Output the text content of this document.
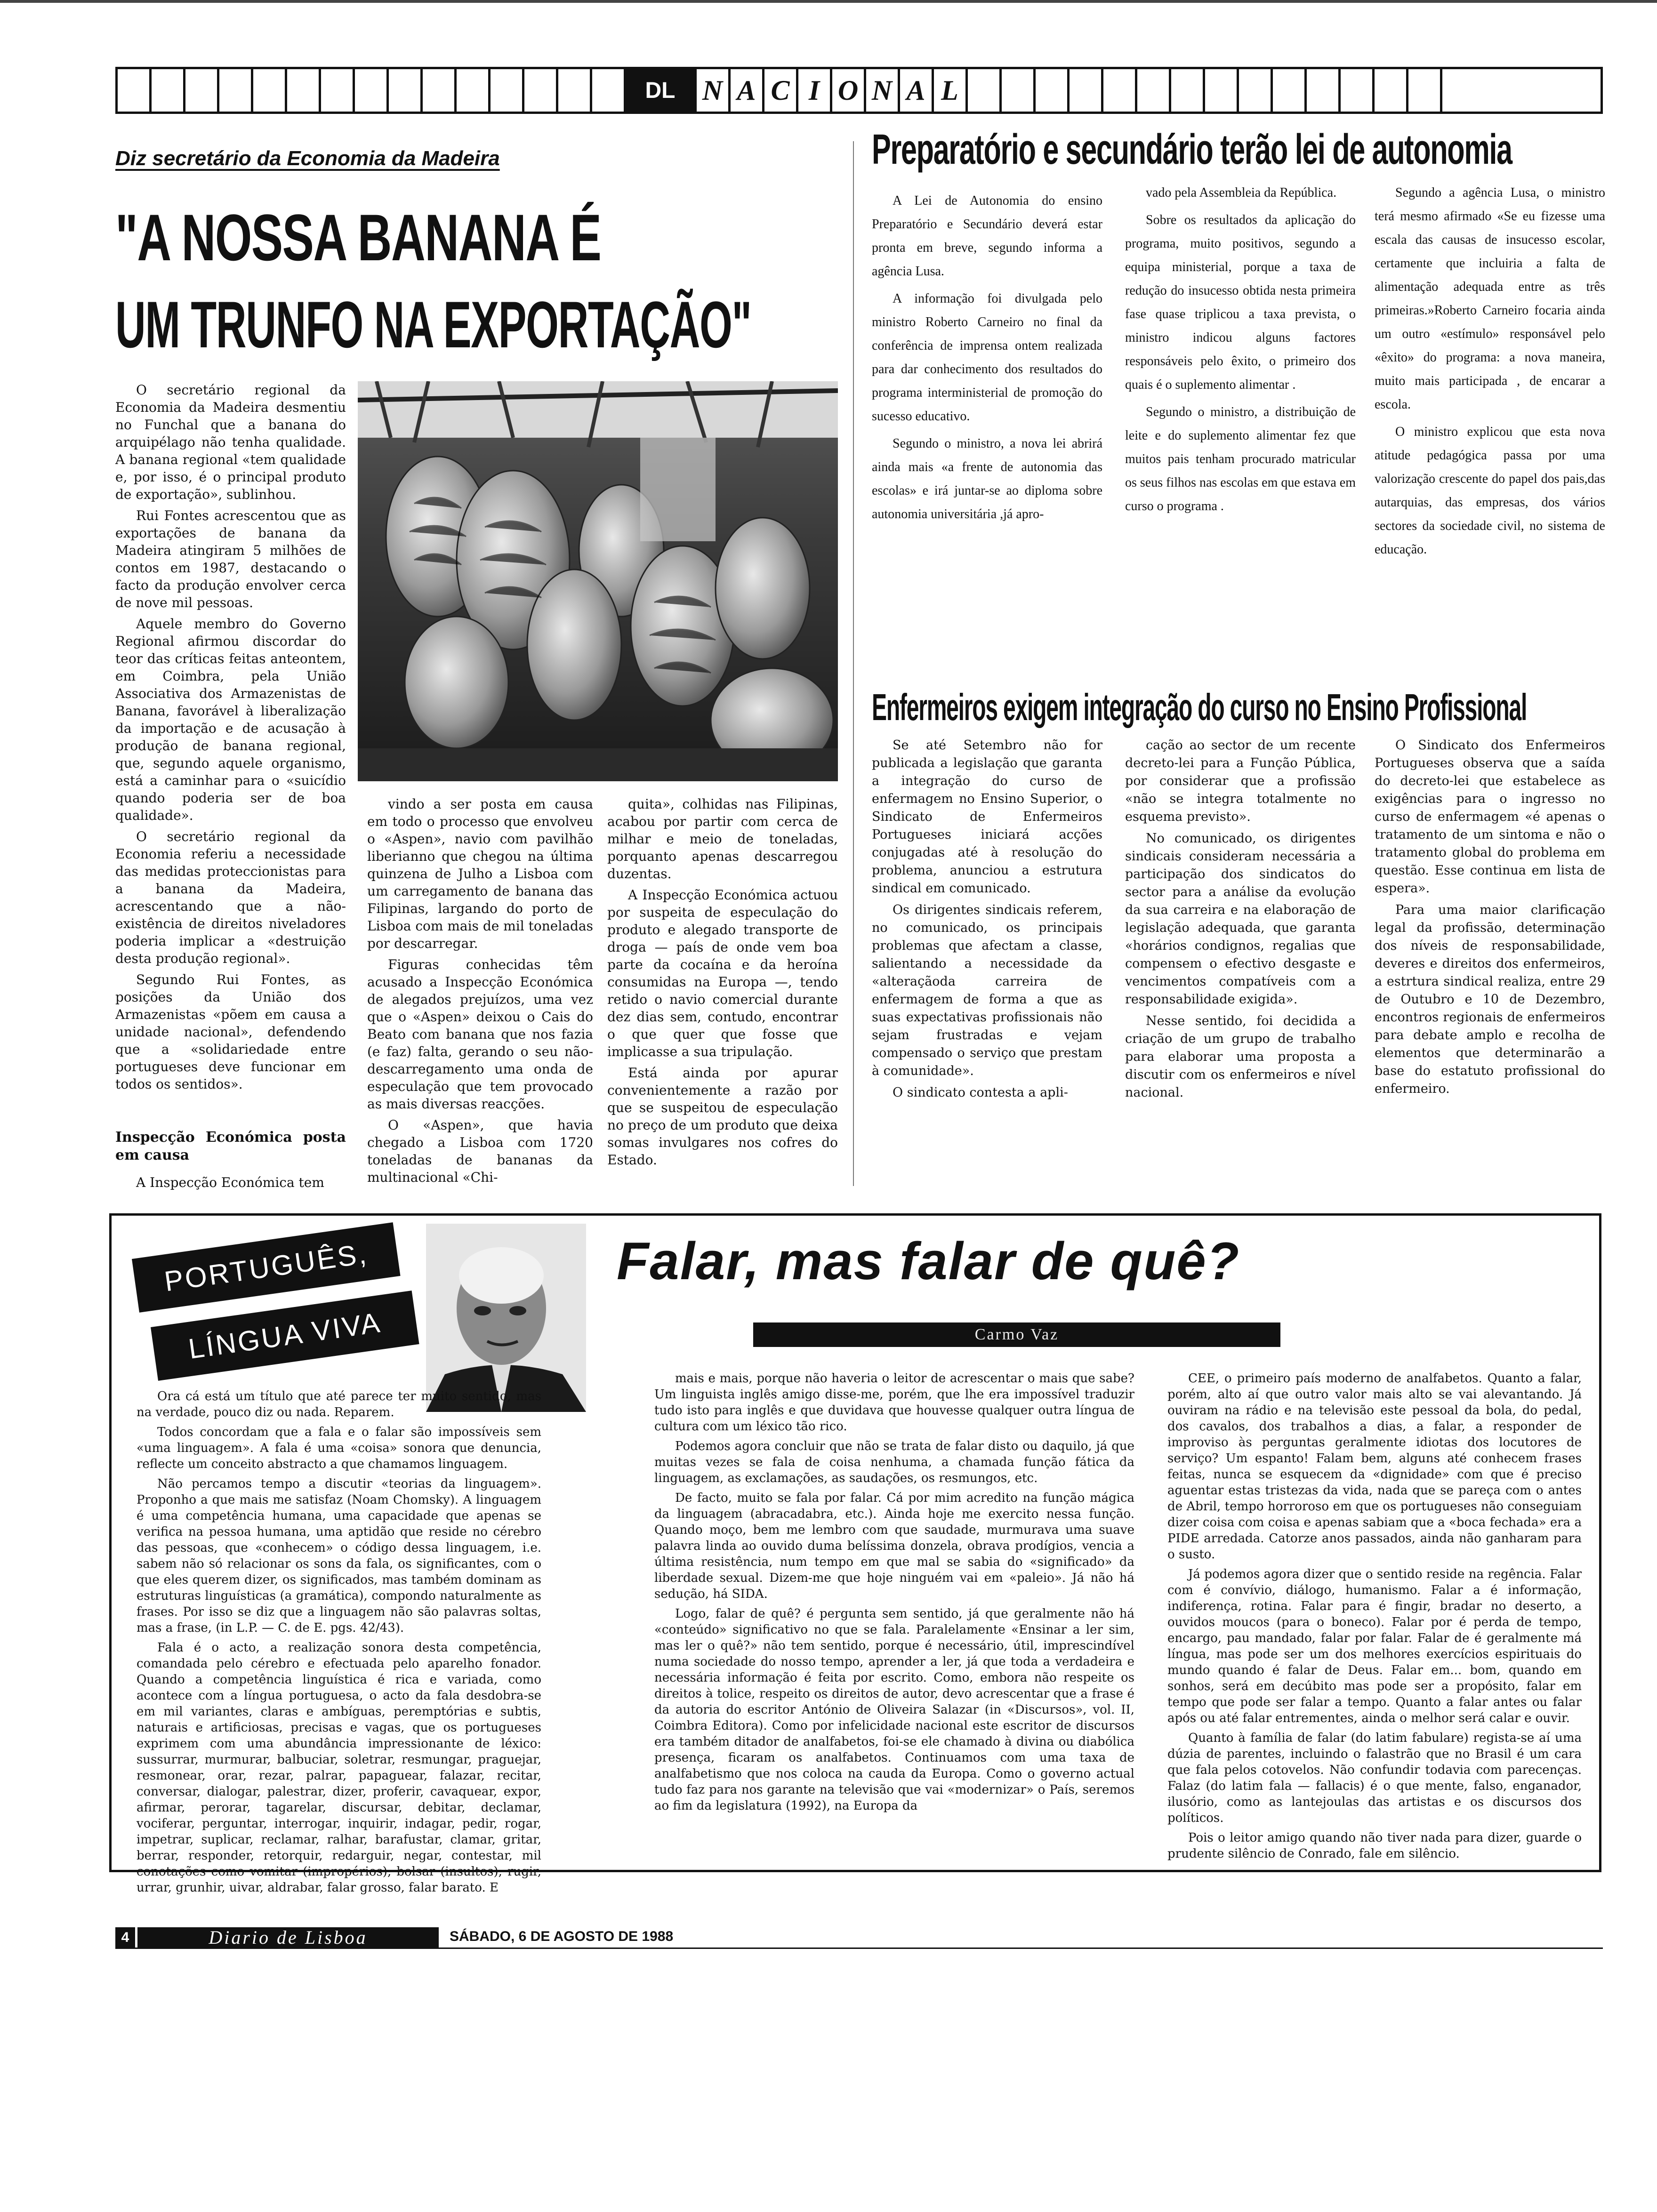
DL N A C I O N A L
Diz secretário da Economia da Madeira
"A NOSSA BANANA É
UM TRUNFO NA EXPORTAÇÃO"

O secretário regional da Economia da Madeira desmentiu no Funchal que a banana do arquipélago não tenha qualidade. A banana regional «tem qualidade e, por isso, é o principal produto de exportação», sublinhou.

Rui Fontes acrescentou que as exportações de banana da Madeira atingiram 5 milhões de contos em 1987, destacando o facto da produção envolver cerca de nove mil pessoas.

Aquele membro do Governo Regional afirmou discordar do teor das críticas feitas anteontem, em Coimbra, pela União Associativa dos Armazenistas de Banana, favorável à liberalização da importação e de acusação à produção de banana regional, que, segundo aquele organismo, está a caminhar para o «suicídio quando poderia ser de boa qualidade».

O secretário regional da Economia referiu a necessidade das medidas proteccionistas para a banana da Madeira, acrescentando que a não-existência de direitos niveladores poderia implicar a «destruição desta produção regional».

Segundo Rui Fontes, as posições da União dos Armazenistas «põem em causa a unidade nacional», defendendo que a «solidariedade entre portugueses deve funcionar em todos os sentidos».

Inspecção Económica posta em causa

A Inspecção Económica tem

vindo a ser posta em causa em todo o processo que envolveu o «Aspen», navio com pavilhão liberianno que chegou na última quinzena de Julho a Lisboa com um carregamento de banana das Filipinas, largando do porto de Lisboa com mais de mil toneladas por descarregar.

Figuras conhecidas têm acusado a Inspecção Económica de alegados prejuízos, uma vez que o «Aspen» deixou o Cais do Beato com banana que nos fazia (e faz) falta, gerando o seu não-descarregamento uma onda de especulação que tem provocado as mais diversas reacções.

O «Aspen», que havia chegado a Lisboa com 1720 toneladas de bananas da multinacional «Chi-

quita», colhidas nas Filipinas, acabou por partir com cerca de milhar e meio de toneladas, porquanto apenas descarregou duzentas.

A Inspecção Económica actuou por suspeita de especulação do produto e alegado transporte de droga — país de onde vem boa parte da cocaína e da heroína consumidas na Europa —, tendo retido o navio comercial durante dez dias sem, contudo, encontrar o que quer que fosse que implicasse a sua tripulação.

Está ainda por apurar convenientemente a razão por que se suspeitou de especulação no preço de um produto que deixa somas invulgares nos cofres do Estado.

Preparatório e secundário terão lei de autonomia

A Lei de Autonomia do ensino Preparatório e Secundário deverá estar pronta em breve, segundo informa a agência Lusa.

A informação foi divulgada pelo ministro Roberto Carneiro no final da conferência de imprensa ontem realizada para dar conhecimento dos resultados do programa interministerial de promoção do sucesso educativo.

Segundo o ministro, a nova lei abrirá ainda mais «a frente de autonomia das escolas» e irá juntar-se ao diploma sobre autonomia universitária ,já apro-

vado pela Assembleia da República.

Sobre os resultados da aplicação do programa, muito positivos, segundo a equipa ministerial, porque a taxa de redução do insucesso obtida nesta primeira fase quase triplicou a taxa prevista, o ministro indicou alguns factores responsáveis pelo êxito, o primeiro dos quais é o suplemento alimentar .

Segundo o ministro, a distribuição de leite e do suplemento alimentar fez que muitos pais tenham procurado matricular os seus filhos nas escolas em que estava em curso o programa .

Segundo a agência Lusa, o ministro terá mesmo afirmado «Se eu fizesse uma escala das causas de insucesso escolar, certamente que incluiria a falta de alimentação adequada entre as três primeiras.»Roberto Carneiro focaria ainda um outro «estímulo» responsável pelo «êxito» do programa: a nova maneira, muito mais participada , de encarar a escola.

O ministro explicou que esta nova atitude pedagógica passa por uma valorização crescente do papel dos pais,das autarquias, das empresas, dos vários sectores da sociedade civil, no sistema de educação.

Enfermeiros exigem integração do curso no Ensino Profissional

Se até Setembro não for publicada a legislação que garanta a integração do curso de enfermagem no Ensino Superior, o Sindicato de Enfermeiros Portugueses iniciará acções conjugadas até à resolução do problema, anunciou a estrutura sindical em comunicado.

Os dirigentes sindicais referem, no comunicado, os principais problemas que afectam a classe, salientando a necessidade da «alteraçãoda carreira de enfermagem de forma a que as suas expectativas profissionais não sejam frustradas e vejam compensado o serviço que prestam à comunidade».

O sindicato contesta a apli-

cação ao sector de um recente decreto-lei para a Função Pública, por considerar que a profissão «não se integra totalmente no esquema previsto».

No comunicado, os dirigentes sindicais consideram necessária a participação dos sindicatos do sector para a análise da evolução da sua carreira e na elaboração de legislação adequada, que garanta «horários condignos, regalias que compensem o efectivo desgaste e vencimentos compatíveis com a responsabilidade exigida».

Nesse sentido, foi decidida a criação de um grupo de trabalho para elaborar uma proposta a discutir com os enfermeiros e nível nacional.

O Sindicato dos Enfermeiros Portugueses observa que a saída do decreto-lei que estabelece as exigências para o ingresso no curso de enfermagem «é apenas o tratamento de um sintoma e não o tratamento global do problema em questão. Esse continua em lista de espera».

Para uma maior clarificação legal da profissão, determinação dos níveis de responsabilidade, deveres e direitos dos enfermeiros, a estrtura sindical realiza, entre 29 de Outubro e 10 de Dezembro, encontros regionais de enfermeiros para debate amplo e recolha de elementos que determinarão a base do estatuto profissional do enfermeiro.

PORTUGUÊS,
LÍNGUA VIVA
Falar, mas falar de quê?
Carmo Vaz

Ora cá está um título que até parece ter muito sentido, mas na verdade, pouco diz ou nada. Reparem.

Todos concordam que a fala e o falar são impossíveis sem «uma linguagem». A fala é uma «coisa» sonora que denuncia, reflecte um conceito abstracto a que chamamos linguagem.

Não percamos tempo a discutir «teorias da linguagem». Proponho a que mais me satisfaz (Noam Chomsky). A linguagem é uma competência humana, uma capacidade que apenas se verifica na pessoa humana, uma aptidão que reside no cérebro das pessoas, que «conhecem» o código dessa linguagem, i.e. sabem não só relacionar os sons da fala, os significantes, com o que eles querem dizer, os significados, mas também dominam as estruturas linguísticas (a gramática), compondo naturalmente as frases. Por isso se diz que a linguagem não são palavras soltas, mas a frase, (in L.P. — C. de E. pgs. 42/43).

Fala é o acto, a realização sonora desta competência, comandada pelo cérebro e efectuada pelo aparelho fonador. Quando a competência linguística é rica e variada, como acontece com a língua portuguesa, o acto da fala desdobra-se em mil variantes, claras e ambíguas, peremptórias e subtis, naturais e artificiosas, precisas e vagas, que os portugueses exprimem com uma abundância impressionante de léxico: sussurrar, murmurar, balbuciar, soletrar, resmungar, praguejar, resmonear, orar, rezar, palrar, papaguear, falazar, recitar, conversar, dialogar, palestrar, dizer, proferir, cavaquear, expor, afirmar, perorar, tagarelar, discursar, debitar, declamar, vociferar, perguntar, interrogar, inquirir, indagar, pedir, rogar, impetrar, suplicar, reclamar, ralhar, barafustar, clamar, gritar, berrar, responder, retorquir, redarguir, negar, contestar, mil conotações como vomitar (impropérios), bolsar (insultos), rugir, urrar, grunhir, uivar, aldrabar, falar grosso, falar barato. E

mais e mais, porque não haveria o leitor de acrescentar o mais que sabe? Um linguista inglês amigo disse-me, porém, que lhe era impossível traduzir tudo isto para inglês e que duvidava que houvesse qualquer outra língua de cultura com um léxico tão rico.

Podemos agora concluir que não se trata de falar disto ou daquilo, já que muitas vezes se fala de coisa nenhuma, a chamada função fática da linguagem, as exclamações, as saudações, os resmungos, etc.

De facto, muito se fala por falar. Cá por mim acredito na função mágica da linguagem (abracadabra, etc.). Ainda hoje me exercito nessa função. Quando moço, bem me lembro com que saudade, murmurava uma suave palavra linda ao ouvido duma belíssima donzela, obrava prodígios, vencia a última resistência, num tempo em que mal se sabia do «significado» da liberdade sexual. Dizem-me que hoje ninguém vai em «paleio». Já não há sedução, há SIDA.

Logo, falar de quê? é pergunta sem sentido, já que geralmente não há «conteúdo» significativo no que se fala. Paralelamente «Ensinar a ler sim, mas ler o quê?» não tem sentido, porque é necessário, útil, imprescindível numa sociedade do nosso tempo, aprender a ler, já que toda a verdadeira e necessária informação é feita por escrito. Como, embora não respeite os direitos à tolice, respeito os direitos de autor, devo acrescentar que a frase é da autoria do escritor António de Oliveira Salazar (in «Discursos», vol. II, Coimbra Editora). Como por infelicidade nacional este escritor de discursos era também ditador de analfabetos, foi-se ele chamado à divina ou diabólica presença, ficaram os analfabetos. Continuamos com uma taxa de analfabetismo que nos coloca na cauda da Europa. Como o governo actual tudo faz para nos garante na televisão que vai «modernizar» o País, seremos ao fim da legislatura (1992), na Europa da

CEE, o primeiro país moderno de analfabetos. Quanto a falar, porém, alto aí que outro valor mais alto se vai alevantando. Já ouviram na rádio e na televisão este pessoal da bola, do pedal, dos cavalos, dos trabalhos a dias, a falar, a responder de improviso às perguntas geralmente idiotas dos locutores de serviço? Um espanto! Falam bem, alguns até conhecem frases feitas, nunca se esquecem da «dignidade» com que é preciso aguentar estas tristezas da vida, nada que se pareça com o antes de Abril, tempo horroroso em que os portugueses não conseguiam dizer coisa com coisa e apenas sabiam que a «boca fechada» era a PIDE arredada. Catorze anos passados, ainda não ganharam para o susto.

Já podemos agora dizer que o sentido reside na regência. Falar com é convívio, diálogo, humanismo. Falar a é informação, indiferença, rotina. Falar para é fingir, bradar no deserto, a ouvidos moucos (para o boneco). Falar por é perda de tempo, encargo, pau mandado, falar por falar. Falar de é geralmente má língua, mas pode ser um dos melhores exercícios espirituais do mundo quando é falar de Deus. Falar em... bom, quando em sonhos, será em decúbito mas pode ser a propósito, falar em tempo que pode ser falar a tempo. Quanto a falar antes ou falar após ou até falar entrementes, ainda o melhor será calar e ouvir.

Quanto à família de falar (do latim fabulare) regista-se aí uma dúzia de parentes, incluindo o falastrão que no Brasil é um cara que fala pelos cotovelos. Não confundir todavia com parecenças. Falaz (do latim fala — fallacis) é o que mente, falso, enganador, ilusório, como as lantejoulas das artistas e os discursos dos políticos.

Pois o leitor amigo quando não tiver nada para dizer, guarde o prudente silêncio de Conrado, fale em silêncio.

4	Diario de Lisboa	SÁBADO, 6 DE AGOSTO DE 1988
